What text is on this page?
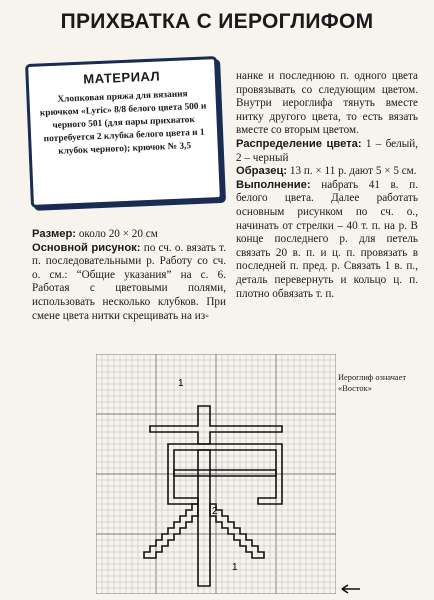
ПРИХВАТКА С ИЕРОГЛИФОМ
МАТЕРИАЛ
Хлопковая пряжа для вязания крючком «Lyric» 8/8 белого цвета 500 и черного 501 (для пары прихваток потребуется 2 клубка белого цвета и 1 клубок черного); крючок № 3,5

Размер: около 20 × 20 см

Основной рисунок: по сч. о. вязать т. п. последовательными р. Работу со сч. о. см.: “Общие указания” на с. 6. Работая с цветовыми полями, использовать несколько клубков. При смене цвета нитки скрещивать на из-

нанке и последнюю п. одного цвета провязывать со следующим цветом. Внутри иероглифа тянуть вместе нитку другого цвета, то есть вязать вместе со вторым цветом.

Распределение цвета: 1 – белый, 2 – черный

Образец: 13 п. × 11 р. дают 5 × 5 см.

Выполнение: набрать 41 в. п. белого цвета. Далее работать основным рисунком по сч. о., начинать от стрелки – 40 т. п. на р. В конце последнего р. для петель связать 20 в. п. и ц. п. провязать в последней п. пред. р. Связать 1 в. п., деталь перевернуть и кольцо ц. п. плотно обвязать т. п.

1
2
1
Иероглиф означает «Восток»
